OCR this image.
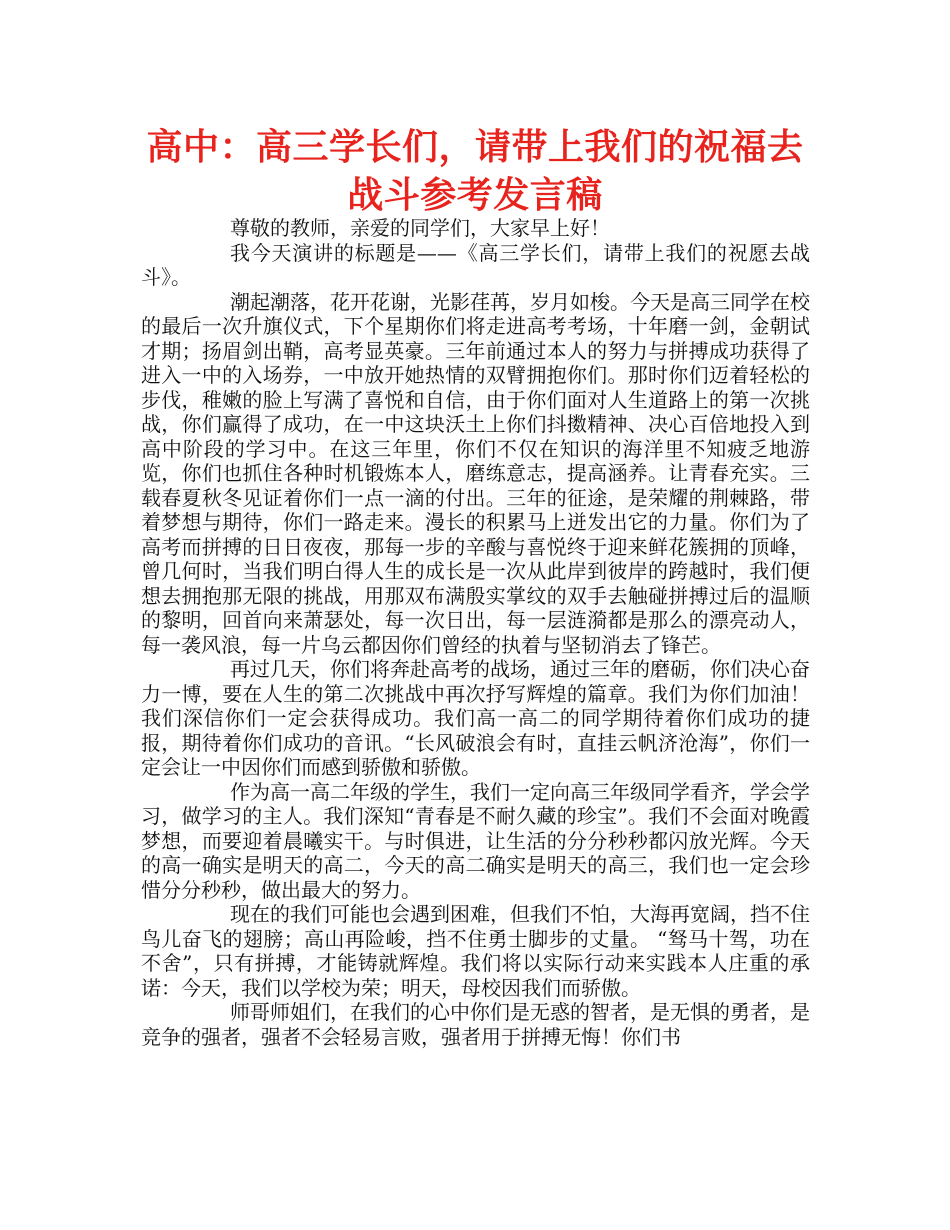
高中：高三学长们，请带上我们的祝福去战斗参考发言稿

尊敬的教师，亲爱的同学们，大家早上好！

我今天演讲的标题是——《高三学长们，请带上我们的祝愿去战斗》。

潮起潮落，花开花谢，光影荏苒，岁月如梭。今天是高三同学在校的最后一次升旗仪式，下个星期你们将走进高考考场，十年磨一剑，金朝试才期；扬眉剑出鞘，高考显英豪。三年前通过本人的努力与拼搏成功获得了进入一中的入场券，一中放开她热情的双臂拥抱你们。那时你们迈着轻松的步伐，稚嫩的脸上写满了喜悦和自信，由于你们面对人生道路上的第一次挑战，你们赢得了成功，在一中这块沃土上你们抖擞精神、决心百倍地投入到高中阶段的学习中。在这三年里，你们不仅在知识的海洋里不知疲乏地游览，你们也抓住各种时机锻炼本人，磨练意志，提高涵养。让青春充实。三载春夏秋冬见证着你们一点一滴的付出。三年的征途，是荣耀的荆棘路，带着梦想与期待，你们一路走来。漫长的积累马上迸发出它的力量。你们为了高考而拼搏的日日夜夜，那每一步的辛酸与喜悦终于迎来鲜花簇拥的顶峰，曾几何时，当我们明白得人生的成长是一次从此岸到彼岸的跨越时，我们便想去拥抱那无限的挑战，用那双布满殷实掌纹的双手去触碰拼搏过后的温顺的黎明，回首向来萧瑟处，每一次日出，每一层涟漪都是那么的漂亮动人，每一袭风浪，每一片乌云都因你们曾经的执着与坚韧消去了锋芒。

再过几天，你们将奔赴高考的战场，通过三年的磨砺，你们决心奋力一博，要在人生的第二次挑战中再次抒写辉煌的篇章。我们为你们加油！我们深信你们一定会获得成功。我们高一高二的同学期待着你们成功的捷报，期待着你们成功的音讯。“长风破浪会有时，直挂云帆济沧海”，你们一定会让一中因你们而感到骄傲和骄傲。

作为高一高二年级的学生，我们一定向高三年级同学看齐，学会学习，做学习的主人。我们深知“青春是不耐久藏的珍宝”。我们不会面对晚霞梦想，而要迎着晨曦实干。与时俱进，让生活的分分秒秒都闪放光辉。今天的高一确实是明天的高二，今天的高二确实是明天的高三，我们也一定会珍惜分分秒秒，做出最大的努力。

现在的我们可能也会遇到困难，但我们不怕，大海再宽阔，挡不住鸟儿奋飞的翅膀；高山再险峻，挡不住勇士脚步的丈量。 “驽马十驾，功在不舍”，只有拼搏，才能铸就辉煌。我们将以实际行动来实践本人庄重的承诺：今天，我们以学校为荣；明天，母校因我们而骄傲。

师哥师姐们，在我们的心中你们是无惑的智者，是无惧的勇者，是竞争的强者，强者不会轻易言败，强者用于拼搏无悔！你们书
